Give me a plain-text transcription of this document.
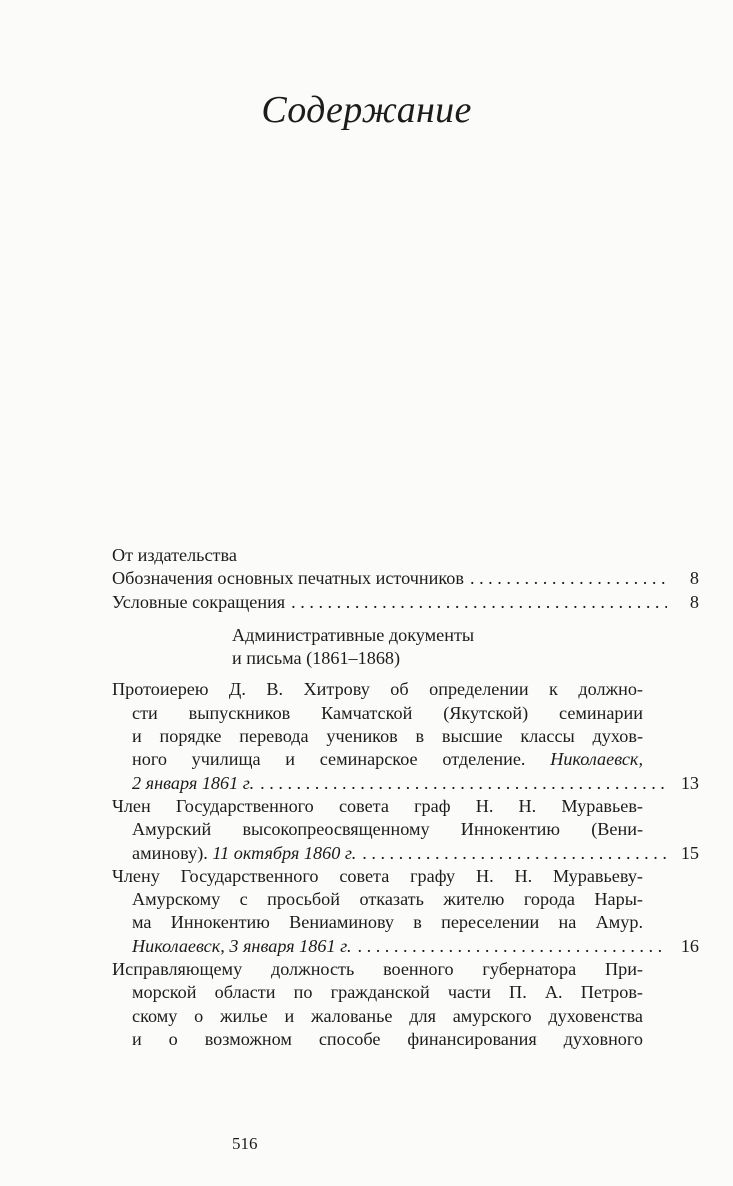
Содержание
От издательства
Обозначения основных печатных источников . . .	8
Условные сокращения . . .	8
Административные документы
и письма (1861–1868)
Протоиерею Д. В. Хитрову об определении к должно-
сти выпускников Камчатской (Якутской) семинарии
и порядке перевода учеников в высшие классы духов-
ного училища и семинарское отделение. Николаевск,
2 января 1861 г. . . .	13
Член Государственного совета граф Н. Н. Муравьев-
Амурский высокопреосвященному Иннокентию (Вени-
аминову). 11 октября 1860 г. . . .	15
Члену Государственного совета графу Н. Н. Муравьеву-
Амурскому с просьбой отказать жителю города Нары-
ма Иннокентию Вениаминову в переселении на Амур.
Николаевск, 3 января 1861 г. . . .	16
Исправляющему должность военного губернатора При-
морской области по гражданской части П. А. Петров-
скому о жилье и жалованье для амурского духовенства
и о возможном способе финансирования духовного
516
